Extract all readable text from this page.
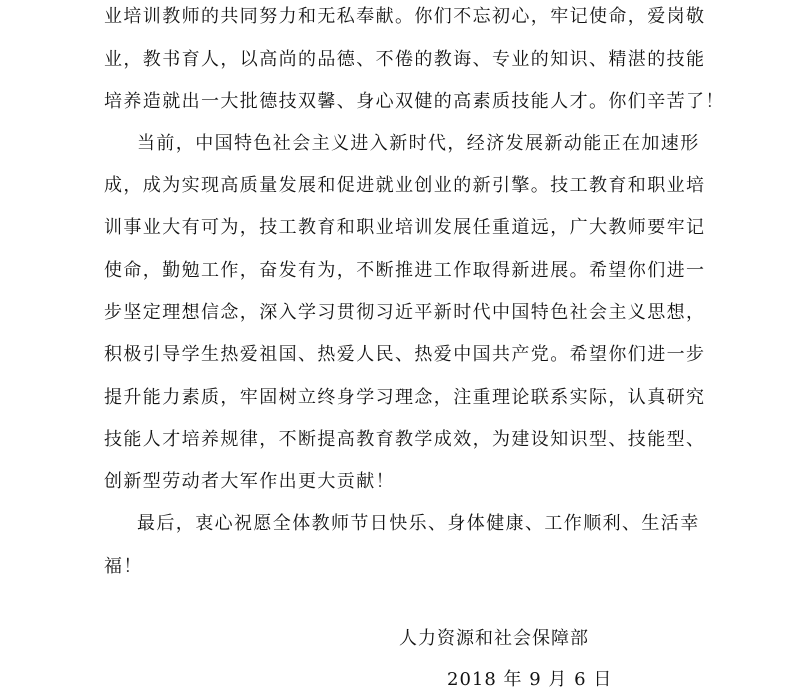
业培训教师的共同努力和无私奉献。你们不忘初心，牢记使命，爱岗敬
业，教书育人，以高尚的品德、不倦的教诲、专业的知识、精湛的技能
培养造就出一大批德技双馨、身心双健的高素质技能人才。你们辛苦了！
当前，中国特色社会主义进入新时代，经济发展新动能正在加速形
成，成为实现高质量发展和促进就业创业的新引擎。技工教育和职业培
训事业大有可为，技工教育和职业培训发展任重道远，广大教师要牢记
使命，勤勉工作，奋发有为，不断推进工作取得新进展。希望你们进一
步坚定理想信念，深入学习贯彻习近平新时代中国特色社会主义思想，
积极引导学生热爱祖国、热爱人民、热爱中国共产党。希望你们进一步
提升能力素质，牢固树立终身学习理念，注重理论联系实际，认真研究
技能人才培养规律，不断提高教育教学成效，为建设知识型、技能型、
创新型劳动者大军作出更大贡献！
最后，衷心祝愿全体教师节日快乐、身体健康、工作顺利、生活幸
福！
人力资源和社会保障部
2018 年 9 月 6 日
